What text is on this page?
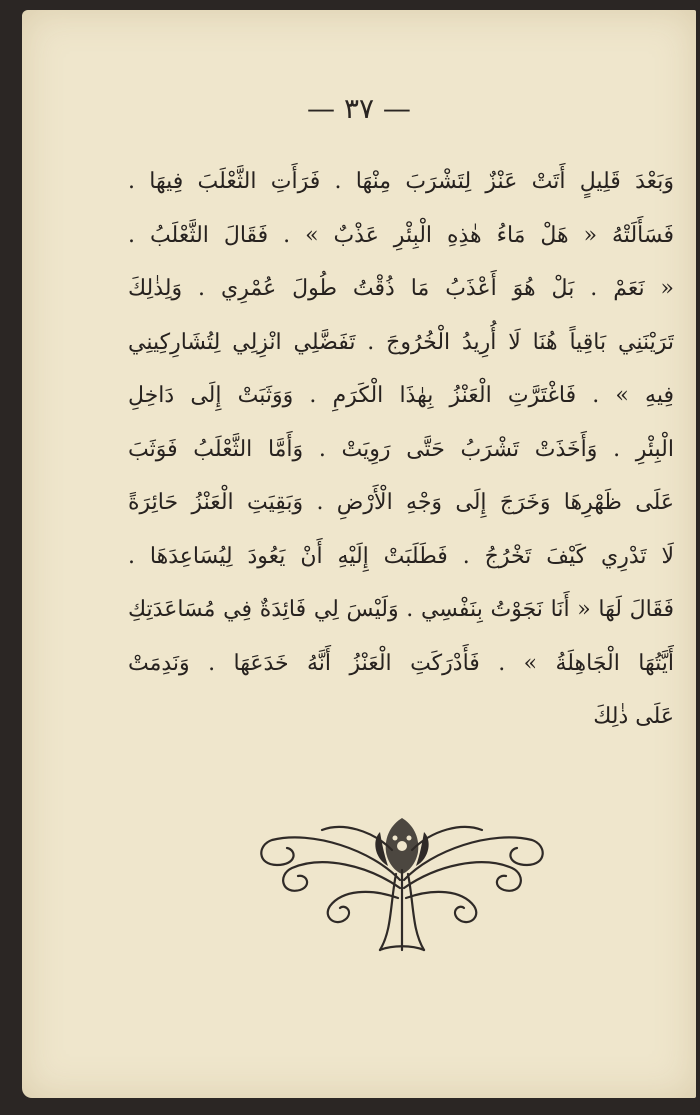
— ٣٧ —
وَبَعْدَ قَلِيلٍ أَتَتْ عَنْزٌ لِتَشْرَبَ مِنْهَا . فَرَأَتِ الثَّعْلَبَ فِيهَا .
فَسَأَلَتْهُ « هَلْ مَاءُ هٰذِهِ الْبِئْرِ عَذْبٌ » . فَقَالَ الثَّعْلَبُ .
« نَعَمْ . بَلْ هُوَ أَعْذَبُ مَا ذُقْتُ طُولَ عُمْرِي . وَلِذٰلِكَ
تَرَيْنَنِي بَاقِياً هُنَا لَا أُرِيدُ الْخُرُوجَ . تَفَضَّلِي انْزِلِي لِتُشَارِكِينِي
فِيهِ » . فَاغْتَرَّتِ الْعَنْزُ بِهٰذَا الْكَرَمِ . وَوَثَبَتْ إِلَى دَاخِلِ
الْبِئْرِ . وَأَخَذَتْ تَشْرَبُ حَتَّى رَوِيَتْ . وَأَمَّا الثَّعْلَبُ فَوَثَبَ
عَلَى ظَهْرِهَا وَخَرَجَ إِلَى وَجْهِ الْأَرْضِ . وَبَقِيَتِ الْعَنْزُ حَائِرَةً
لَا تَدْرِي كَيْفَ تَخْرُجُ . فَطَلَبَتْ إِلَيْهِ أَنْ يَعُودَ لِيُسَاعِدَهَا .
فَقَالَ لَهَا « أَنَا نَجَوْتُ بِنَفْسِي . وَلَيْسَ لِي فَائِدَةٌ فِي مُسَاعَدَتِكِ
أَيَّتُهَا الْجَاهِلَةُ » . فَأَدْرَكَتِ الْعَنْزُ أَنَّهُ خَدَعَهَا . وَنَدِمَتْ
عَلَى ذٰلِكَ
